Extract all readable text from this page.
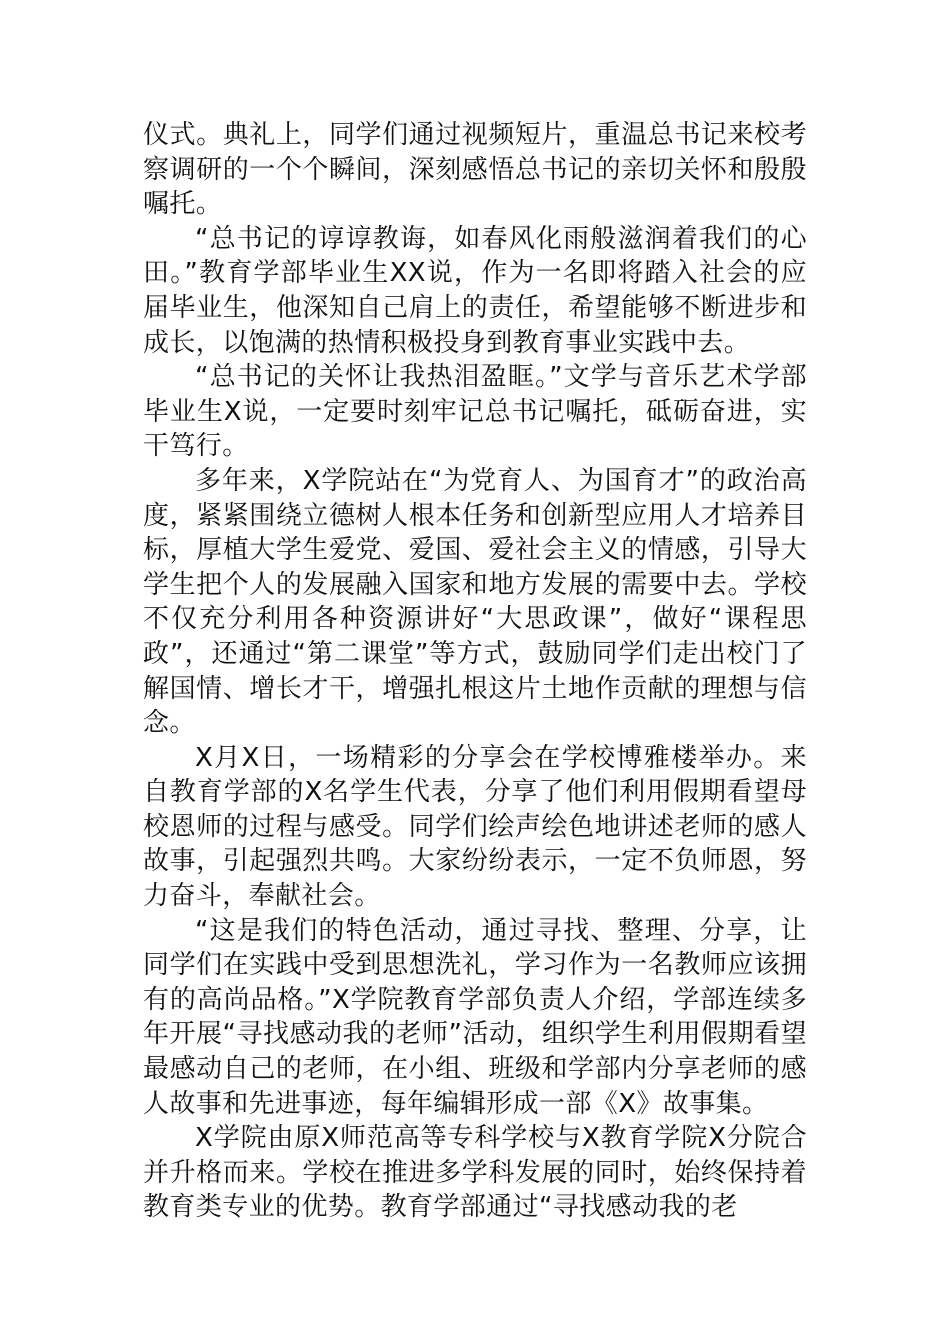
仪式。典礼上，同学们通过视频短片，重温总书记来校考察调研的一个个瞬间，深刻感悟总书记的亲切关怀和殷殷嘱托。

“总书记的谆谆教诲，如春风化雨般滋润着我们的心田。”教育学部毕业生XX说，作为一名即将踏入社会的应届毕业生，他深知自己肩上的责任，希望能够不断进步和成长，以饱满的热情积极投身到教育事业实践中去。

“总书记的关怀让我热泪盈眶。”文学与音乐艺术学部毕业生X说，一定要时刻牢记总书记嘱托，砥砺奋进，实干笃行。

多年来，X学院站在“为党育人、为国育才”的政治高度，紧紧围绕立德树人根本任务和创新型应用人才培养目标，厚植大学生爱党、爱国、爱社会主义的情感，引导大学生把个人的发展融入国家和地方发展的需要中去。学校不仅充分利用各种资源讲好“大思政课”，做好“课程思政”，还通过“第二课堂”等方式，鼓励同学们走出校门了解国情、增长才干，增强扎根这片土地作贡献的理想与信念。

X月X日，一场精彩的分享会在学校博雅楼举办。来自教育学部的X名学生代表，分享了他们利用假期看望母校恩师的过程与感受。同学们绘声绘色地讲述老师的感人故事，引起强烈共鸣。大家纷纷表示，一定不负师恩，努力奋斗，奉献社会。

“这是我们的特色活动，通过寻找、整理、分享，让同学们在实践中受到思想洗礼，学习作为一名教师应该拥有的高尚品格。”X学院教育学部负责人介绍，学部连续多年开展“寻找感动我的老师”活动，组织学生利用假期看望最感动自己的老师，在小组、班级和学部内分享老师的感人故事和先进事迹，每年编辑形成一部《X》故事集。

X学院由原X师范高等专科学校与X教育学院X分院合并升格而来。学校在推进多学科发展的同时，始终保持着教育类专业的优势。教育学部通过“寻找感动我的老
